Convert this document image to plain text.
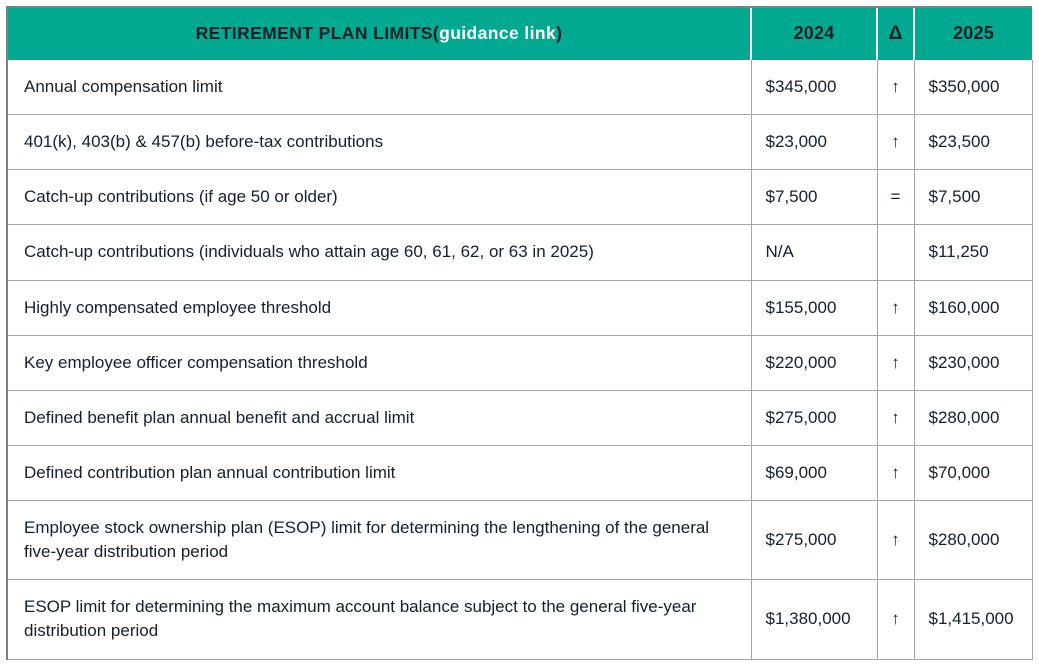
RETIREMENT PLAN LIMITS(guidance link)	2024	Δ	2025

Annual compensation limit	$345,000	↑	$350,000

401(k), 403(b) & 457(b) before-tax contributions	$23,000	↑	$23,500

Catch-up contributions (if age 50 or older)	$7,500	=	$7,500

Catch-up contributions (individuals who attain age 60, 61, 62, or 63 in 2025)	N/A		$11,250

Highly compensated employee threshold	$155,000	↑	$160,000

Key employee officer compensation threshold	$220,000	↑	$230,000

Defined benefit plan annual benefit and accrual limit	$275,000	↑	$280,000

Defined contribution plan annual contribution limit	$69,000	↑	$70,000

Employee stock ownership plan (ESOP) limit for determining the lengthening of the general five-year distribution period	$275,000	↑	$280,000

ESOP limit for determining the maximum account balance subject to the general five-year distribution period	$1,380,000	↑	$1,415,000
